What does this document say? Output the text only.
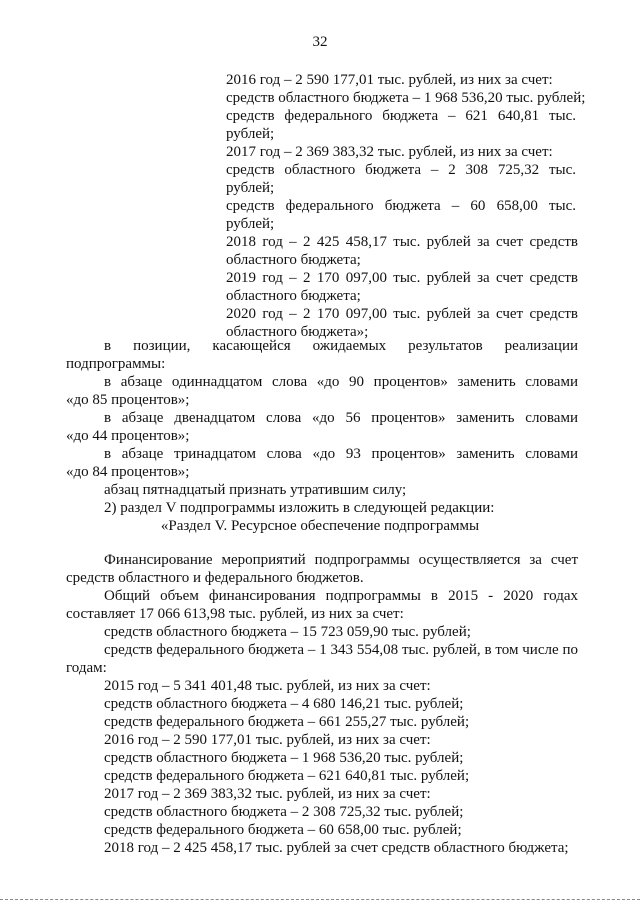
32
2016 год – 2 590 177,01 тыс. рублей, из них за счет:
средств областного бюджета – 1 968 536,20 тыс. рублей;
средств федерального бюджета – 621 640,81 тыс.
рублей;
2017 год – 2 369 383,32 тыс. рублей, из них за счет:
средств областного бюджета – 2 308 725,32 тыс.
рублей;
средств федерального бюджета – 60 658,00 тыс.
рублей;
2018 год – 2 425 458,17 тыс. рублей за счет средств
областного бюджета;
2019 год – 2 170 097,00 тыс. рублей за счет средств
областного бюджета;
2020 год – 2 170 097,00 тыс. рублей за счет средств
областного бюджета»;
в позиции, касающейся ожидаемых результатов реализации
подпрограммы:
в абзаце одиннадцатом слова «до 90 процентов» заменить словами
«до 85 процентов»;
в абзаце двенадцатом слова «до 56 процентов» заменить словами
«до 44 процентов»;
в абзаце тринадцатом слова «до 93 процентов» заменить словами
«до 84 процентов»;
абзац пятнадцатый признать утратившим силу;
2) раздел V подпрограммы изложить в следующей редакции:
«Раздел V. Ресурсное обеспечение подпрограммы
Финансирование мероприятий подпрограммы осуществляется за счет
средств областного и федерального бюджетов.
Общий объем финансирования подпрограммы в 2015 - 2020 годах
составляет 17 066 613,98 тыс. рублей, из них за счет:
средств областного бюджета – 15 723 059,90 тыс. рублей;
средств федерального бюджета – 1 343 554,08 тыс. рублей, в том числе по
годам:
2015 год – 5 341 401,48 тыс. рублей, из них за счет:
средств областного бюджета – 4 680 146,21 тыс. рублей;
средств федерального бюджета – 661 255,27 тыс. рублей;
2016 год – 2 590 177,01 тыс. рублей, из них за счет:
средств областного бюджета – 1 968 536,20 тыс. рублей;
средств федерального бюджета – 621 640,81 тыс. рублей;
2017 год – 2 369 383,32 тыс. рублей, из них за счет:
средств областного бюджета – 2 308 725,32 тыс. рублей;
средств федерального бюджета – 60 658,00 тыс. рублей;
2018 год – 2 425 458,17 тыс. рублей за счет средств областного бюджета;
